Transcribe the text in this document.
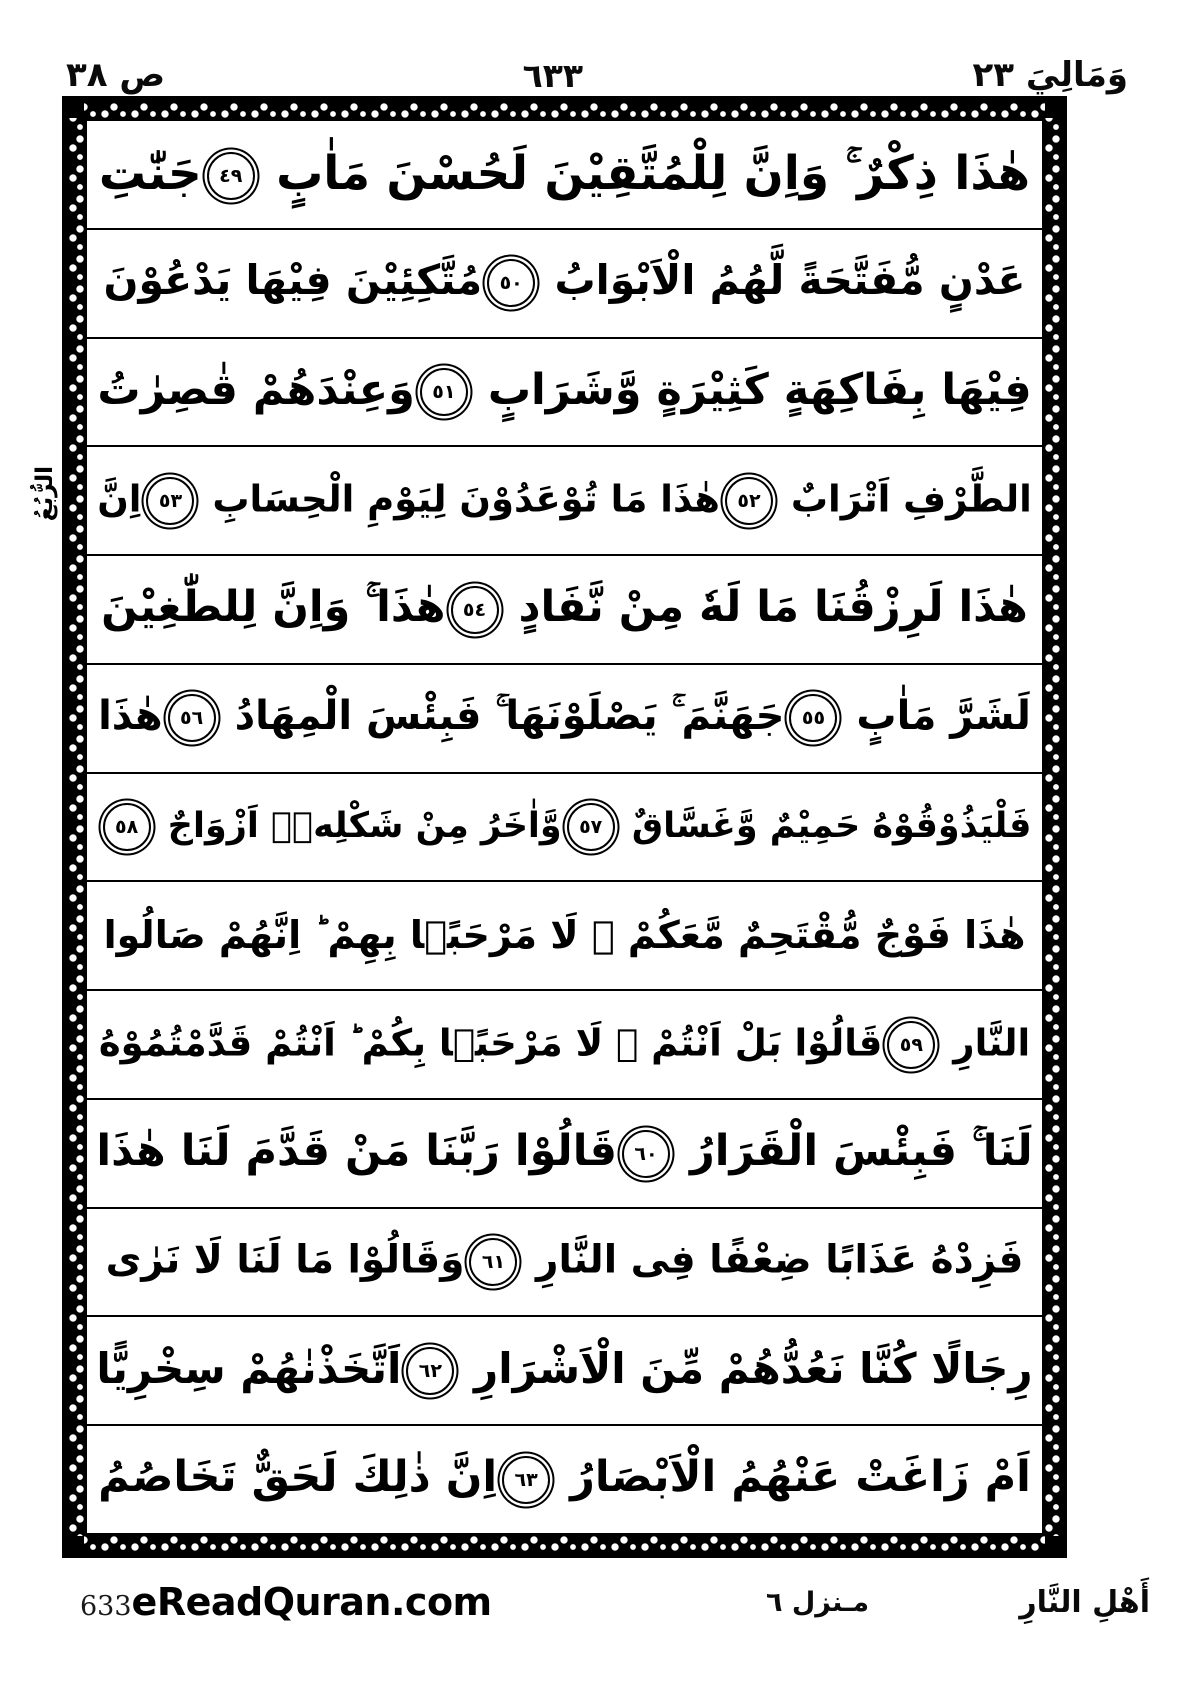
وَمَالِيَ ٢٣
٦٣٣
ص ٣٨
الرُّبُعُ
هٰذَا ذِكْرٌ ۚ وَاِنَّ لِلْمُتَّقِيْنَ لَحُسْنَ مَاٰبٍ ٤٩جَنّٰتِ
عَدْنٍ مُّفَتَّحَةً لَّهُمُ الْاَبْوَابُ ٥٠مُتَّكِئِيْنَ فِيْهَا يَدْعُوْنَ
فِيْهَا بِفَاكِهَةٍ كَثِيْرَةٍ وَّشَرَابٍ ٥١وَعِنْدَهُمْ قٰصِرٰتُ
الطَّرْفِ اَتْرَابٌ ٥٢هٰذَا مَا تُوْعَدُوْنَ لِيَوْمِ الْحِسَابِ ٥٣اِنَّ
هٰذَا لَرِزْقُنَا مَا لَهٗ مِنْ نَّفَادٍ ٥٤هٰذَا ۚ وَاِنَّ لِلطّٰغِيْنَ
لَشَرَّ مَاٰبٍ ٥٥جَهَنَّمَ ۚ يَصْلَوْنَهَا ۚ فَبِئْسَ الْمِهَادُ ٥٦هٰذَا
فَلْيَذُوْقُوْهُ حَمِيْمٌ وَّغَسَّاقٌ ٥٧وَّاٰخَرُ مِنْ شَكْلِهٖۤ اَزْوَاجٌ ٥٨
هٰذَا فَوْجٌ مُّقْتَحِمٌ مَّعَكُمْ ۚ لَا مَرْحَبًۢا بِهِمْ ؕ اِنَّهُمْ صَالُوا
النَّارِ ٥٩قَالُوْا بَلْ اَنْتُمْ ۫ لَا مَرْحَبًۢا بِكُمْ ؕ اَنْتُمْ قَدَّمْتُمُوْهُ
لَنَا ۚ فَبِئْسَ الْقَرَارُ ٦٠قَالُوْا رَبَّنَا مَنْ قَدَّمَ لَنَا هٰذَا
فَزِدْهُ عَذَابًا ضِعْفًا فِى النَّارِ ٦١وَقَالُوْا مَا لَنَا لَا نَرٰى
رِجَالًا كُنَّا نَعُدُّهُمْ مِّنَ الْاَشْرَارِ ٦٢اَتَّخَذْنٰهُمْ سِخْرِيًّا
اَمْ زَاغَتْ عَنْهُمُ الْاَبْصَارُ ٦٣اِنَّ ذٰلِكَ لَحَقٌّ تَخَاصُمُ
أَهْلِ النَّارِ
مـنزل ٦
633 eReadQuran.com
